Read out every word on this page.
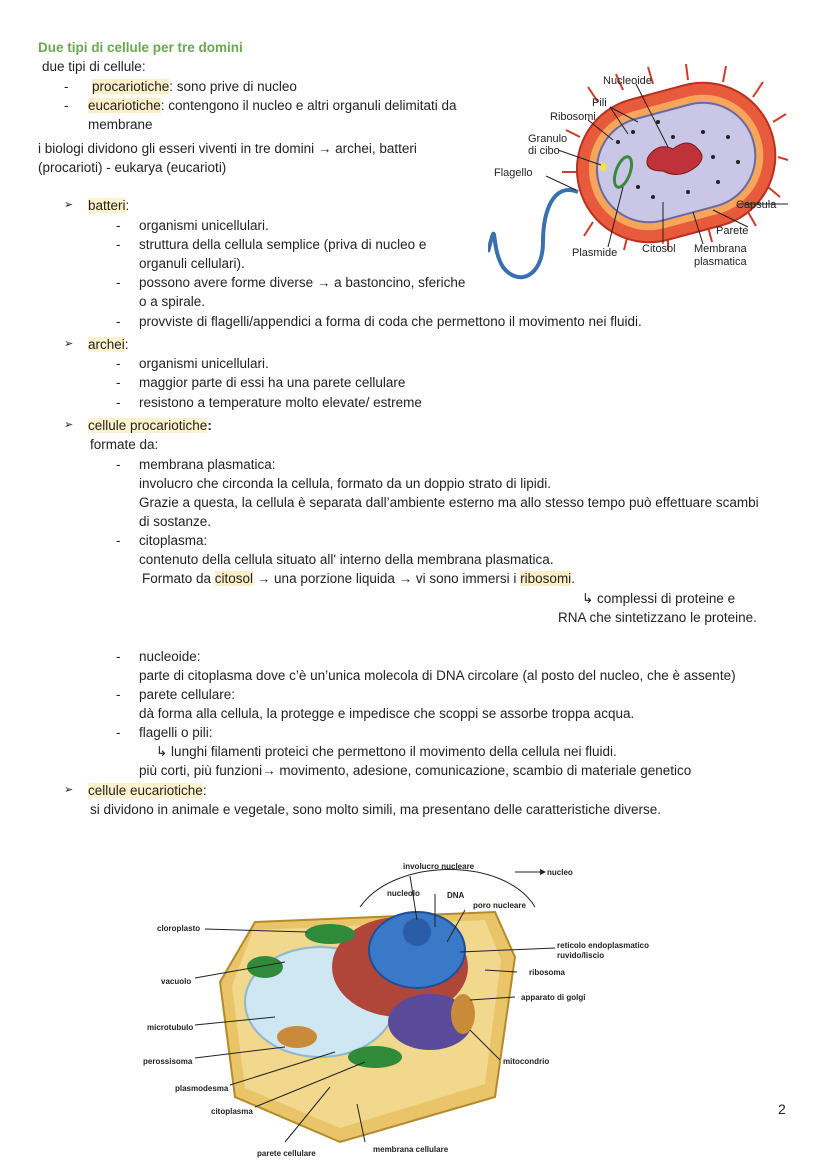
Due tipi di cellule per tre domini
due tipi di cellule:
- procariotiche: sono prive di nucleo
- eucariotiche: contengono il nucleo e altri organuli delimitati da
membrane
i biologi dividono gli esseri viventi in tre domini → archei, batteri
(procarioti) - eukarya (eucarioti)
➢ batteri:
- organismi unicellulari.
- struttura della cellula semplice (priva di nucleo e
organuli cellulari).
- possono avere forme diverse → a bastoncino, sferiche
o a spirale.
- provviste di flagelli/appendici a forma di coda che permettono il movimento nei fluidi.
➢ archei:
- organismi unicellulari.
- maggior parte di essi ha una parete cellulare
- resistono a temperature molto elevate/ estreme
➢ cellule procariotiche:
formate da:
- membrana plasmatica:
involucro che circonda la cellula, formato da un doppio strato di lipidi.
Grazie a questa, la cellula è separata dall’ambiente esterno ma allo stesso tempo può effettuare scambi
di sostanze.
- citoplasma:
contenuto della cellula situato all' interno della membrana plasmatica.
Formato da citosol → una porzione liquida → vi sono immersi i ribosomi.
↳ complessi di proteine e
RNA che sintetizzano le proteine.
- nucleoide:
parte di citoplasma dove c’è un’unica molecola di DNA circolare (al posto del nucleo, che è assente)
- parete cellulare:
dà forma alla cellula, la protegge e impedisce che scoppi se assorbe troppa acqua.
- flagelli o pili:
↳ lunghi filamenti proteici che permettono il movimento della cellula nei fluidi.
più corti, più funzioni→ movimento, adesione, comunicazione, scambio di materiale genetico
➢ cellule eucariotiche:
si dividono in animale e vegetale, sono molto simili, ma presentano delle caratteristiche diverse.
2
Nucleoide
Pili
Ribosomi
Granulo
di cibo
Flagello
Capsula
Parete
Plasmide Citosol Membrana
plasmatica
involucro nucleare
nucleo
nucleolo	DNA
poro nucleare
cloroplasto
reticolo endoplasmatico
ruvido/liscio
ribosoma
vacuolo
apparato di golgi
microtubulo
perossisoma	mitocondrio
plasmodesma
citoplasma
parete cellulare	membrana cellulare
